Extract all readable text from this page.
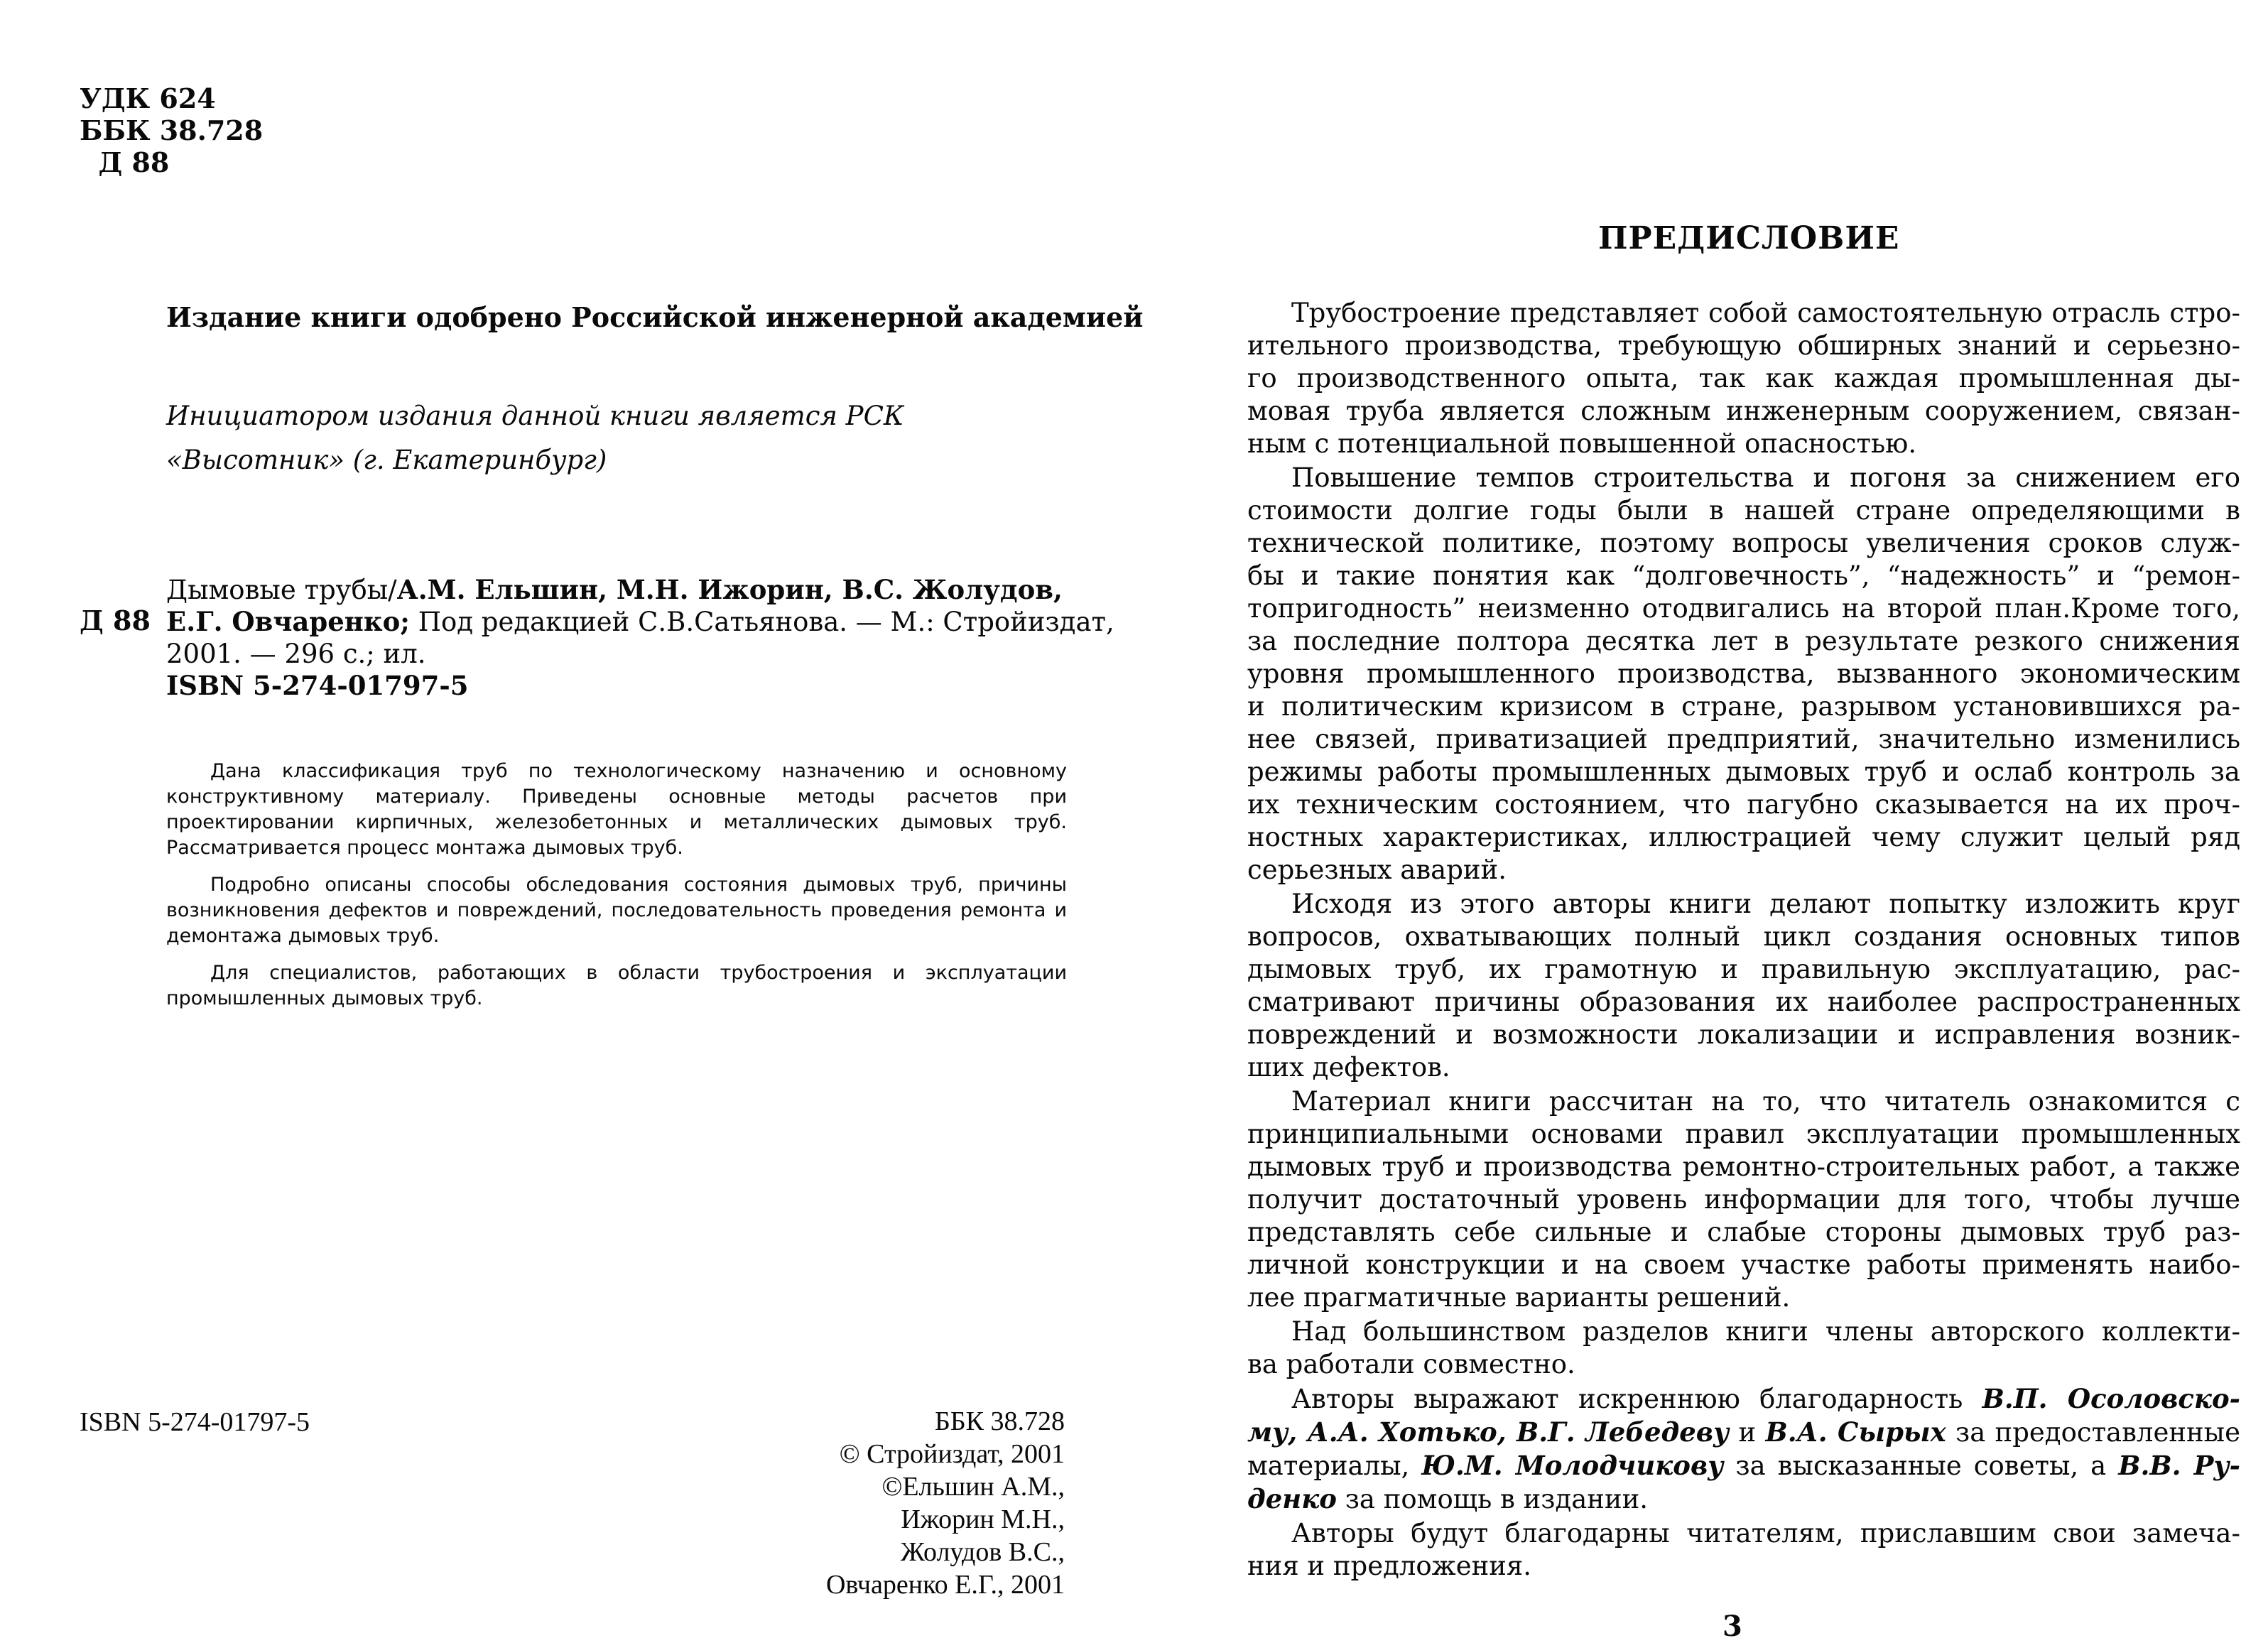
УДК 624
ББК 38.728
Д 88
Издание книги одобрено Российской инженерной академией
Инициатором издания данной книги является РСК «Высотник» (г. Екатеринбург)
Д 88
Дымовые трубы/А.М. Ельшин, М.Н. Ижорин, В.С. Жолудов,
Е.Г. Овчаренко; Под редакцией С.В.Сатьянова. — М.: Стройиздат,
2001. — 296 с.; ил.
ISBN 5-274-01797-5

Дана классификация труб по технологическому назначению и основному конструктивному материалу. Приведены основные методы расчетов при проектировании кирпичных, железобетонных и металлических дымовых труб. Рассматривается процесс монтажа дымовых труб.

Подробно описаны способы обследования состояния дымовых труб, причины возникновения дефектов и повреждений, последовательность проведения ремонта и демонтажа дымовых труб.

Для специалистов, работающих в области трубостроения и эксплуатации промышленных дымовых труб.

ISBN 5-274-01797-5	ББК 38.728
© Стройиздат, 2001
©Ельшин А.М.,
Ижорин М.Н.,
Жолудов В.С.,
Овчаренко Е.Г., 2001
ПРЕДИСЛОВИЕ
Трубостроение представляет собой самостоятельную отрасль стро-
ительного производства, требующую обширных знаний и серьезно-
го производственного опыта, так как каждая промышленная ды-
мовая труба является сложным инженерным сооружением, связан-
ным с потенциальной повышенной опасностью.
Повышение темпов строительства и погоня за снижением его
стоимости долгие годы были в нашей стране определяющими в
технической политике, поэтому вопросы увеличения сроков служ-
бы и такие понятия как “долговечность”, “надежность” и “ремон-
топригодность” неизменно отодвигались на второй план.Кроме того,
за последние полтора десятка лет в результате резкого снижения
уровня промышленного производства, вызванного экономическим
и политическим кризисом в стране, разрывом установившихся ра-
нее связей, приватизацией предприятий, значительно изменились
режимы работы промышленных дымовых труб и ослаб контроль за
их техническим состоянием, что пагубно сказывается на их проч-
ностных характеристиках, иллюстрацией чему служит целый ряд
серьезных аварий.
Исходя из этого авторы книги делают попытку изложить круг
вопросов, охватывающих полный цикл создания основных типов
дымовых труб, их грамотную и правильную эксплуатацию, рас-
сматривают причины образования их наиболее распространенных
повреждений и возможности локализации и исправления возник-
ших дефектов.
Материал книги рассчитан на то, что читатель ознакомится с
принципиальными основами правил эксплуатации промышленных
дымовых труб и производства ремонтно-строительных работ, а также
получит достаточный уровень информации для того, чтобы лучше
представлять себе сильные и слабые стороны дымовых труб раз-
личной конструкции и на своем участке работы применять наибо-
лее прагматичные варианты решений.
Над большинством разделов книги члены авторского коллекти-
ва работали совместно.
Авторы выражают искреннюю благодарность В.П. Осоловско-
му, А.А. Хотько, В.Г. Лебедеву и В.А. Сырых за предоставленные
материалы, Ю.М. Молодчикову за высказанные советы, а В.В. Ру-
денко за помощь в издании.
Авторы будут благодарны читателям, приславшим свои замеча-
ния и предложения.
3
